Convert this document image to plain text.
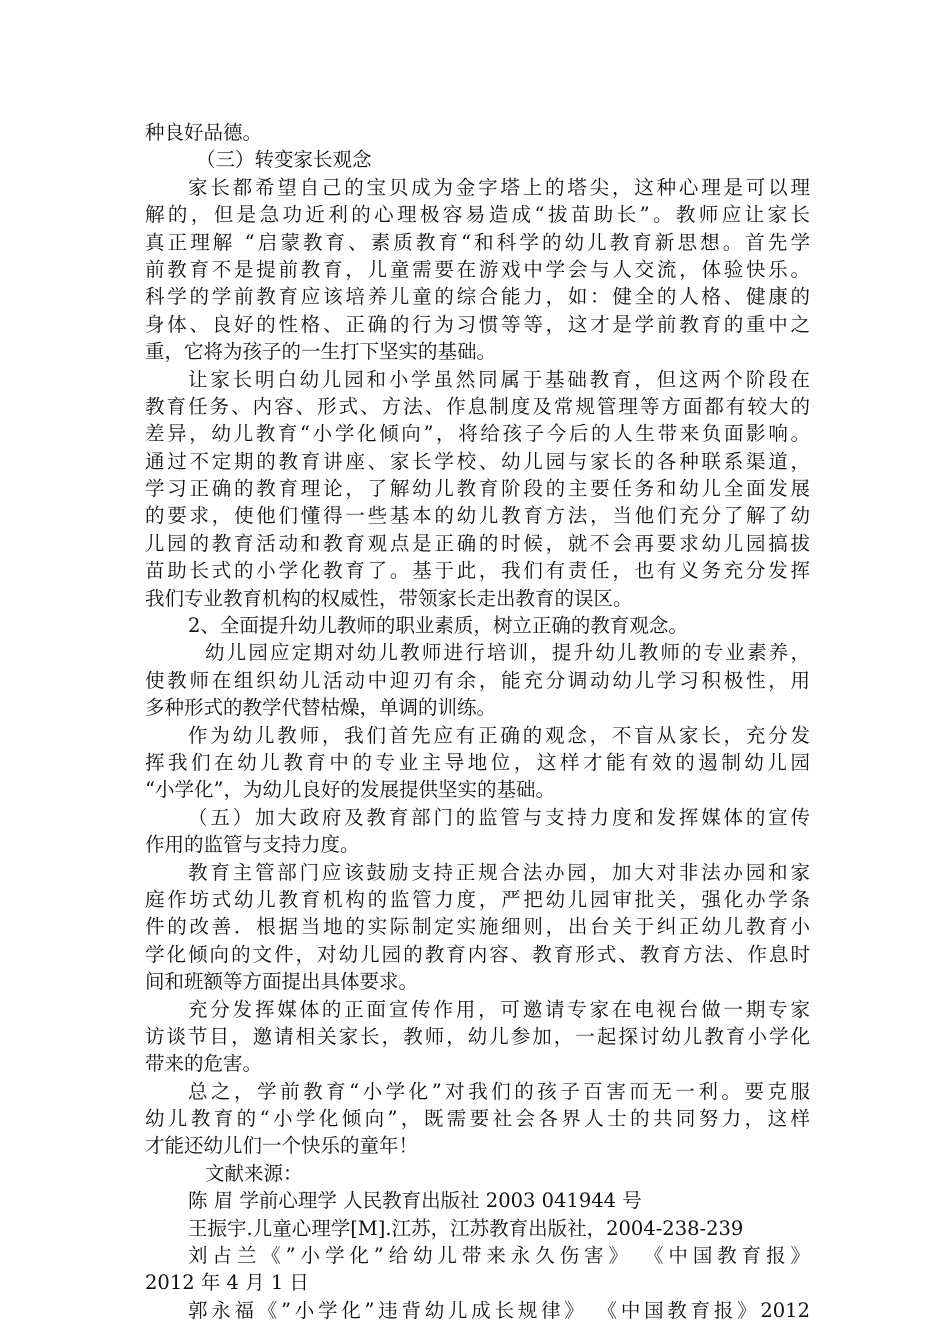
种良好品德。
（三）转变家长观念
家长都希望自己的宝贝成为金字塔上的塔尖，这种心理是可以理
解的，但是急功近利的心理极容易造成“拔苗助长”。教师应让家长
真正理解 “启蒙教育、素质教育“和科学的幼儿教育新思想。首先学
前教育不是提前教育，儿童需要在游戏中学会与人交流，体验快乐。
科学的学前教育应该培养儿童的综合能力，如：健全的人格、健康的
身体、良好的性格、正确的行为习惯等等，这才是学前教育的重中之
重，它将为孩子的一生打下坚实的基础。
让家长明白幼儿园和小学虽然同属于基础教育，但这两个阶段在
教育任务、内容、形式、方法、作息制度及常规管理等方面都有较大的
差异，幼儿教育“小学化倾向”，将给孩子今后的人生带来负面影响。
通过不定期的教育讲座、家长学校、幼儿园与家长的各种联系渠道，
学习正确的教育理论，了解幼儿教育阶段的主要任务和幼儿全面发展
的要求，使他们懂得一些基本的幼儿教育方法，当他们充分了解了幼
儿园的教育活动和教育观点是正确的时候，就不会再要求幼儿园搞拔
苗助长式的小学化教育了。基于此，我们有责任，也有义务充分发挥
我们专业教育机构的权威性，带领家长走出教育的误区。
2、全面提升幼儿教师的职业素质，树立正确的教育观念。
幼儿园应定期对幼儿教师进行培训，提升幼儿教师的专业素养，
使教师在组织幼儿活动中迎刃有余，能充分调动幼儿学习积极性，用
多种形式的教学代替枯燥，单调的训练。
作为幼儿教师，我们首先应有正确的观念，不盲从家长，充分发
挥我们在幼儿教育中的专业主导地位，这样才能有效的遏制幼儿园
“小学化”，为幼儿良好的发展提供坚实的基础。
（五）加大政府及教育部门的监管与支持力度和发挥媒体的宣传
作用的监管与支持力度。
教育主管部门应该鼓励支持正规合法办园，加大对非法办园和家
庭作坊式幼儿教育机构的监管力度，严把幼儿园审批关，强化办学条
件的改善．根据当地的实际制定实施细则，出台关于纠正幼儿教育小
学化倾向的文件，对幼儿园的教育内容、教育形式、教育方法、作息时
间和班额等方面提出具体要求。
充分发挥媒体的正面宣传作用，可邀请专家在电视台做一期专家
访谈节目，邀请相关家长，教师，幼儿参加，一起探讨幼儿教育小学化
带来的危害。
总之，学前教育“小学化”对我们的孩子百害而无一利。要克服
幼儿教育的“小学化倾向”，既需要社会各界人士的共同努力，这样
才能还幼儿们一个快乐的童年！
文献来源：
陈 眉 学前心理学 人民教育出版社 2003 041944 号
王振宇.儿童心理学[M].江苏，江苏教育出版社，2004-238-239
刘占兰《”小学化”给幼儿带来永久伤害》 《中国教育报》
2012 年 4 月 1 日
郭永福《”小学化”违背幼儿成长规律》 《中国教育报》2012
